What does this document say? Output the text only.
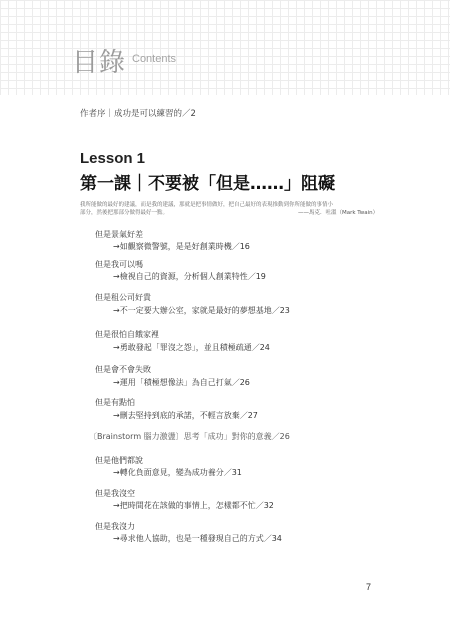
目錄 Contents
作者序｜成功是可以練習的／2
Lesson 1
第一課｜不要被「但是……」阻礙
我所能做的最好的建議，而是我的建議，那就是把事情做好，把自己最好的表現推動到你所能做的事情小
部分，然後把那部分做得最好一點。	——馬克．吐溫（Mark Twain）
但是景氣好差
→如觀察微警號，是是好創業時機／16
但是我可以嗎
→檢視自己的資源，分析個人創業特性／19
但是租公司好貴
→不一定要大辦公室，家就是最好的夢想基地／23
但是很怕自餓家裡
→勇敢發起「罪沒之怨」，並且積極疏通／24
但是會不會失敗
→運用「積極想像法」為自己打氣／26
但是有點怕
→刪去堅持到底的承諾，不輕言放棄／27
〔Brainstorm 腦力激盪〕思考「成功」對你的意義／26
但是他們都說
→轉化負面意見，變為成功養分／31
但是我沒空
→把時間花在該做的事情上，怎樣都不忙／32
但是我沒力
→尋求他人協助，也是一種發現自己的方式／34
7
